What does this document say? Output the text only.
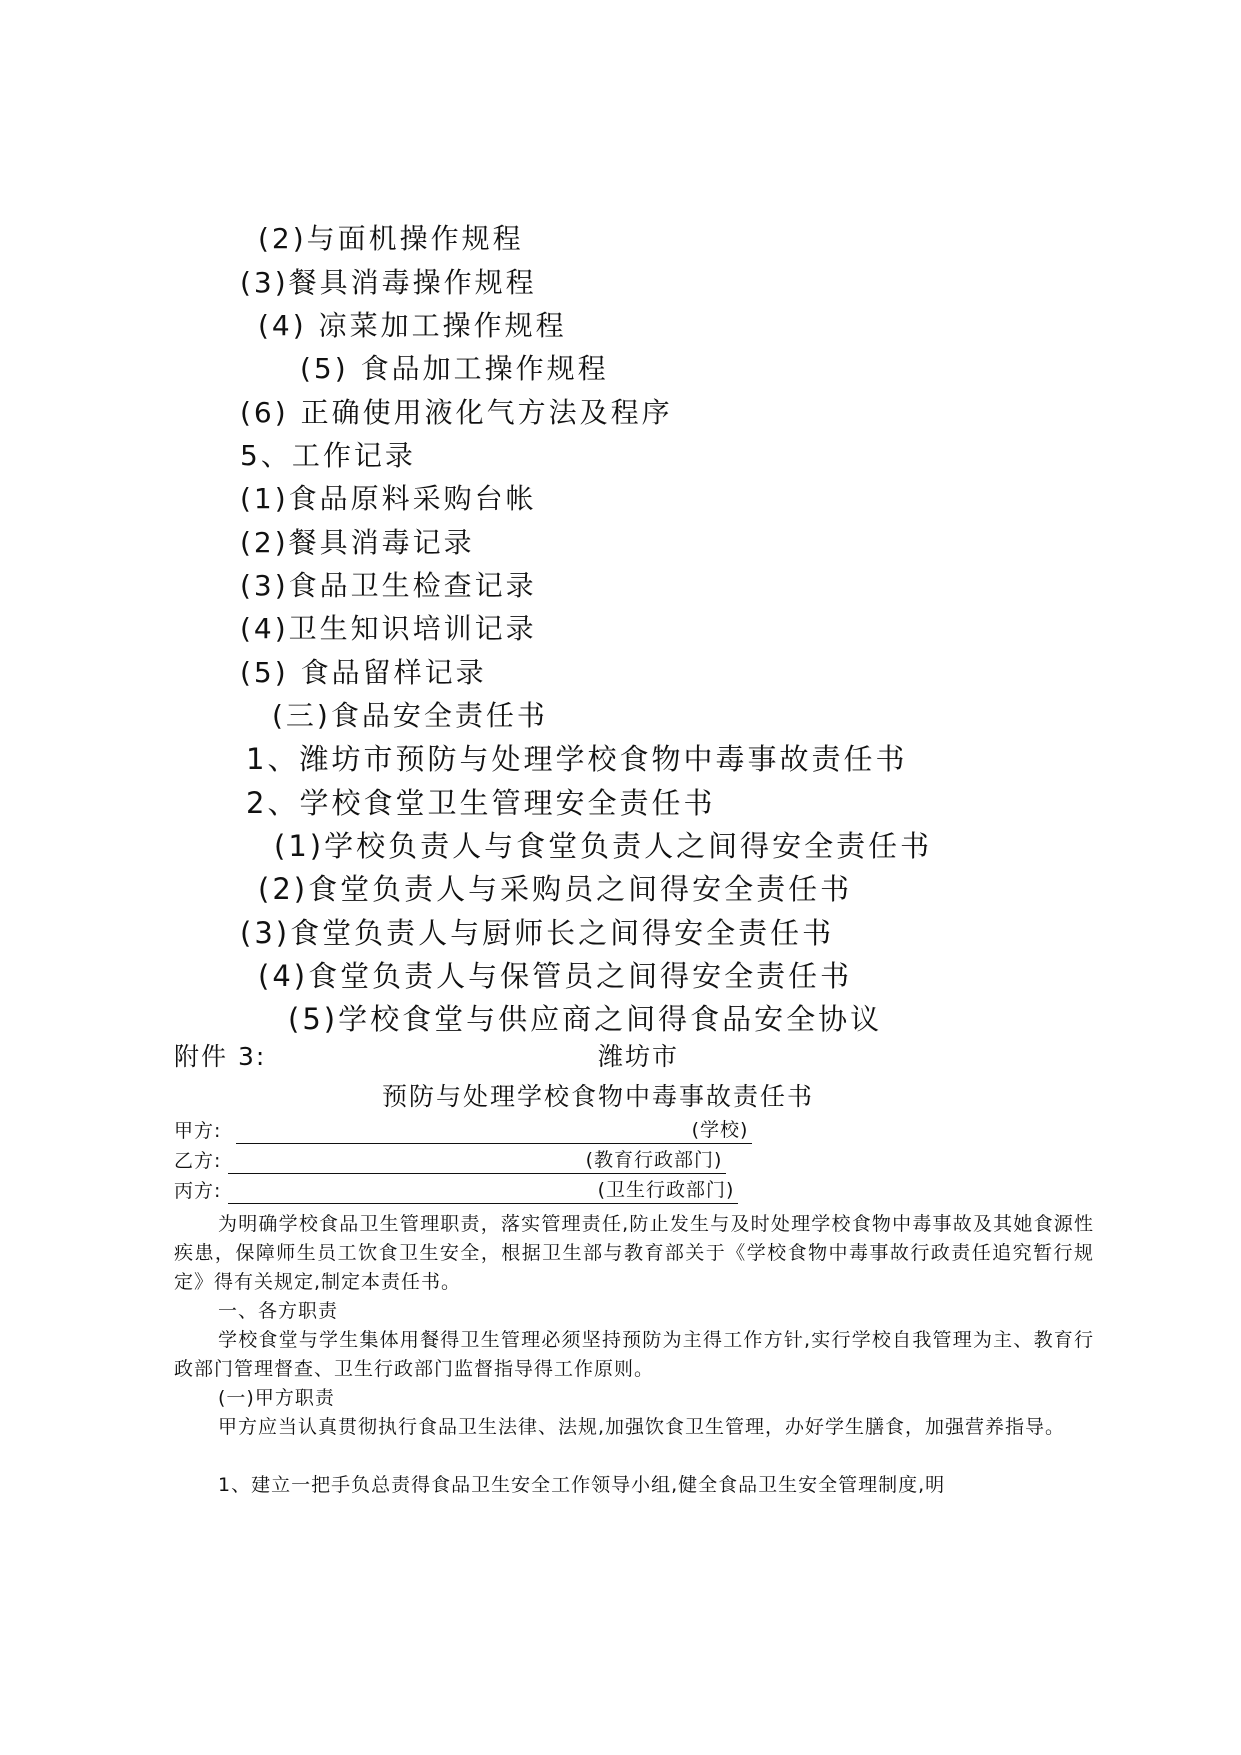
(2)与面机操作规程
(3)餐具消毒操作规程
(4) 凉菜加工操作规程
(5) 食品加工操作规程
(6) 正确使用液化气方法及程序
5、工作记录
(1)食品原料采购台帐
(2)餐具消毒记录
(3)食品卫生检查记录
(4)卫生知识培训记录
(5) 食品留样记录
(三)食品安全责任书
1、潍坊市预防与处理学校食物中毒事故责任书
2、学校食堂卫生管理安全责任书
(1)学校负责人与食堂负责人之间得安全责任书
(2)食堂负责人与采购员之间得安全责任书
(3)食堂负责人与厨师长之间得安全责任书
(4)食堂负责人与保管员之间得安全责任书
(5)学校食堂与供应商之间得食品安全协议
附件 3:	潍坊市
预防与处理学校食物中毒事故责任书
甲方:	(学校)
乙方:	(教育行政部门)
丙方:	(卫生行政部门)
为明确学校食品卫生管理职责，落实管理责任,防止发生与及时处理学校食物中毒事故及其她食源性疾患，保障师生员工饮食卫生安全，根据卫生部与教育部关于《学校食物中毒事故行政责任追究暂行规定》得有关规定,制定本责任书。
一、各方职责
学校食堂与学生集体用餐得卫生管理必须坚持预防为主得工作方针,实行学校自我管理为主、教育行政部门管理督查、卫生行政部门监督指导得工作原则。
(一)甲方职责
甲方应当认真贯彻执行食品卫生法律、法规,加强饮食卫生管理，办好学生膳食，加强营养指导。
1、建立一把手负总责得食品卫生安全工作领导小组,健全食品卫生安全管理制度,明
